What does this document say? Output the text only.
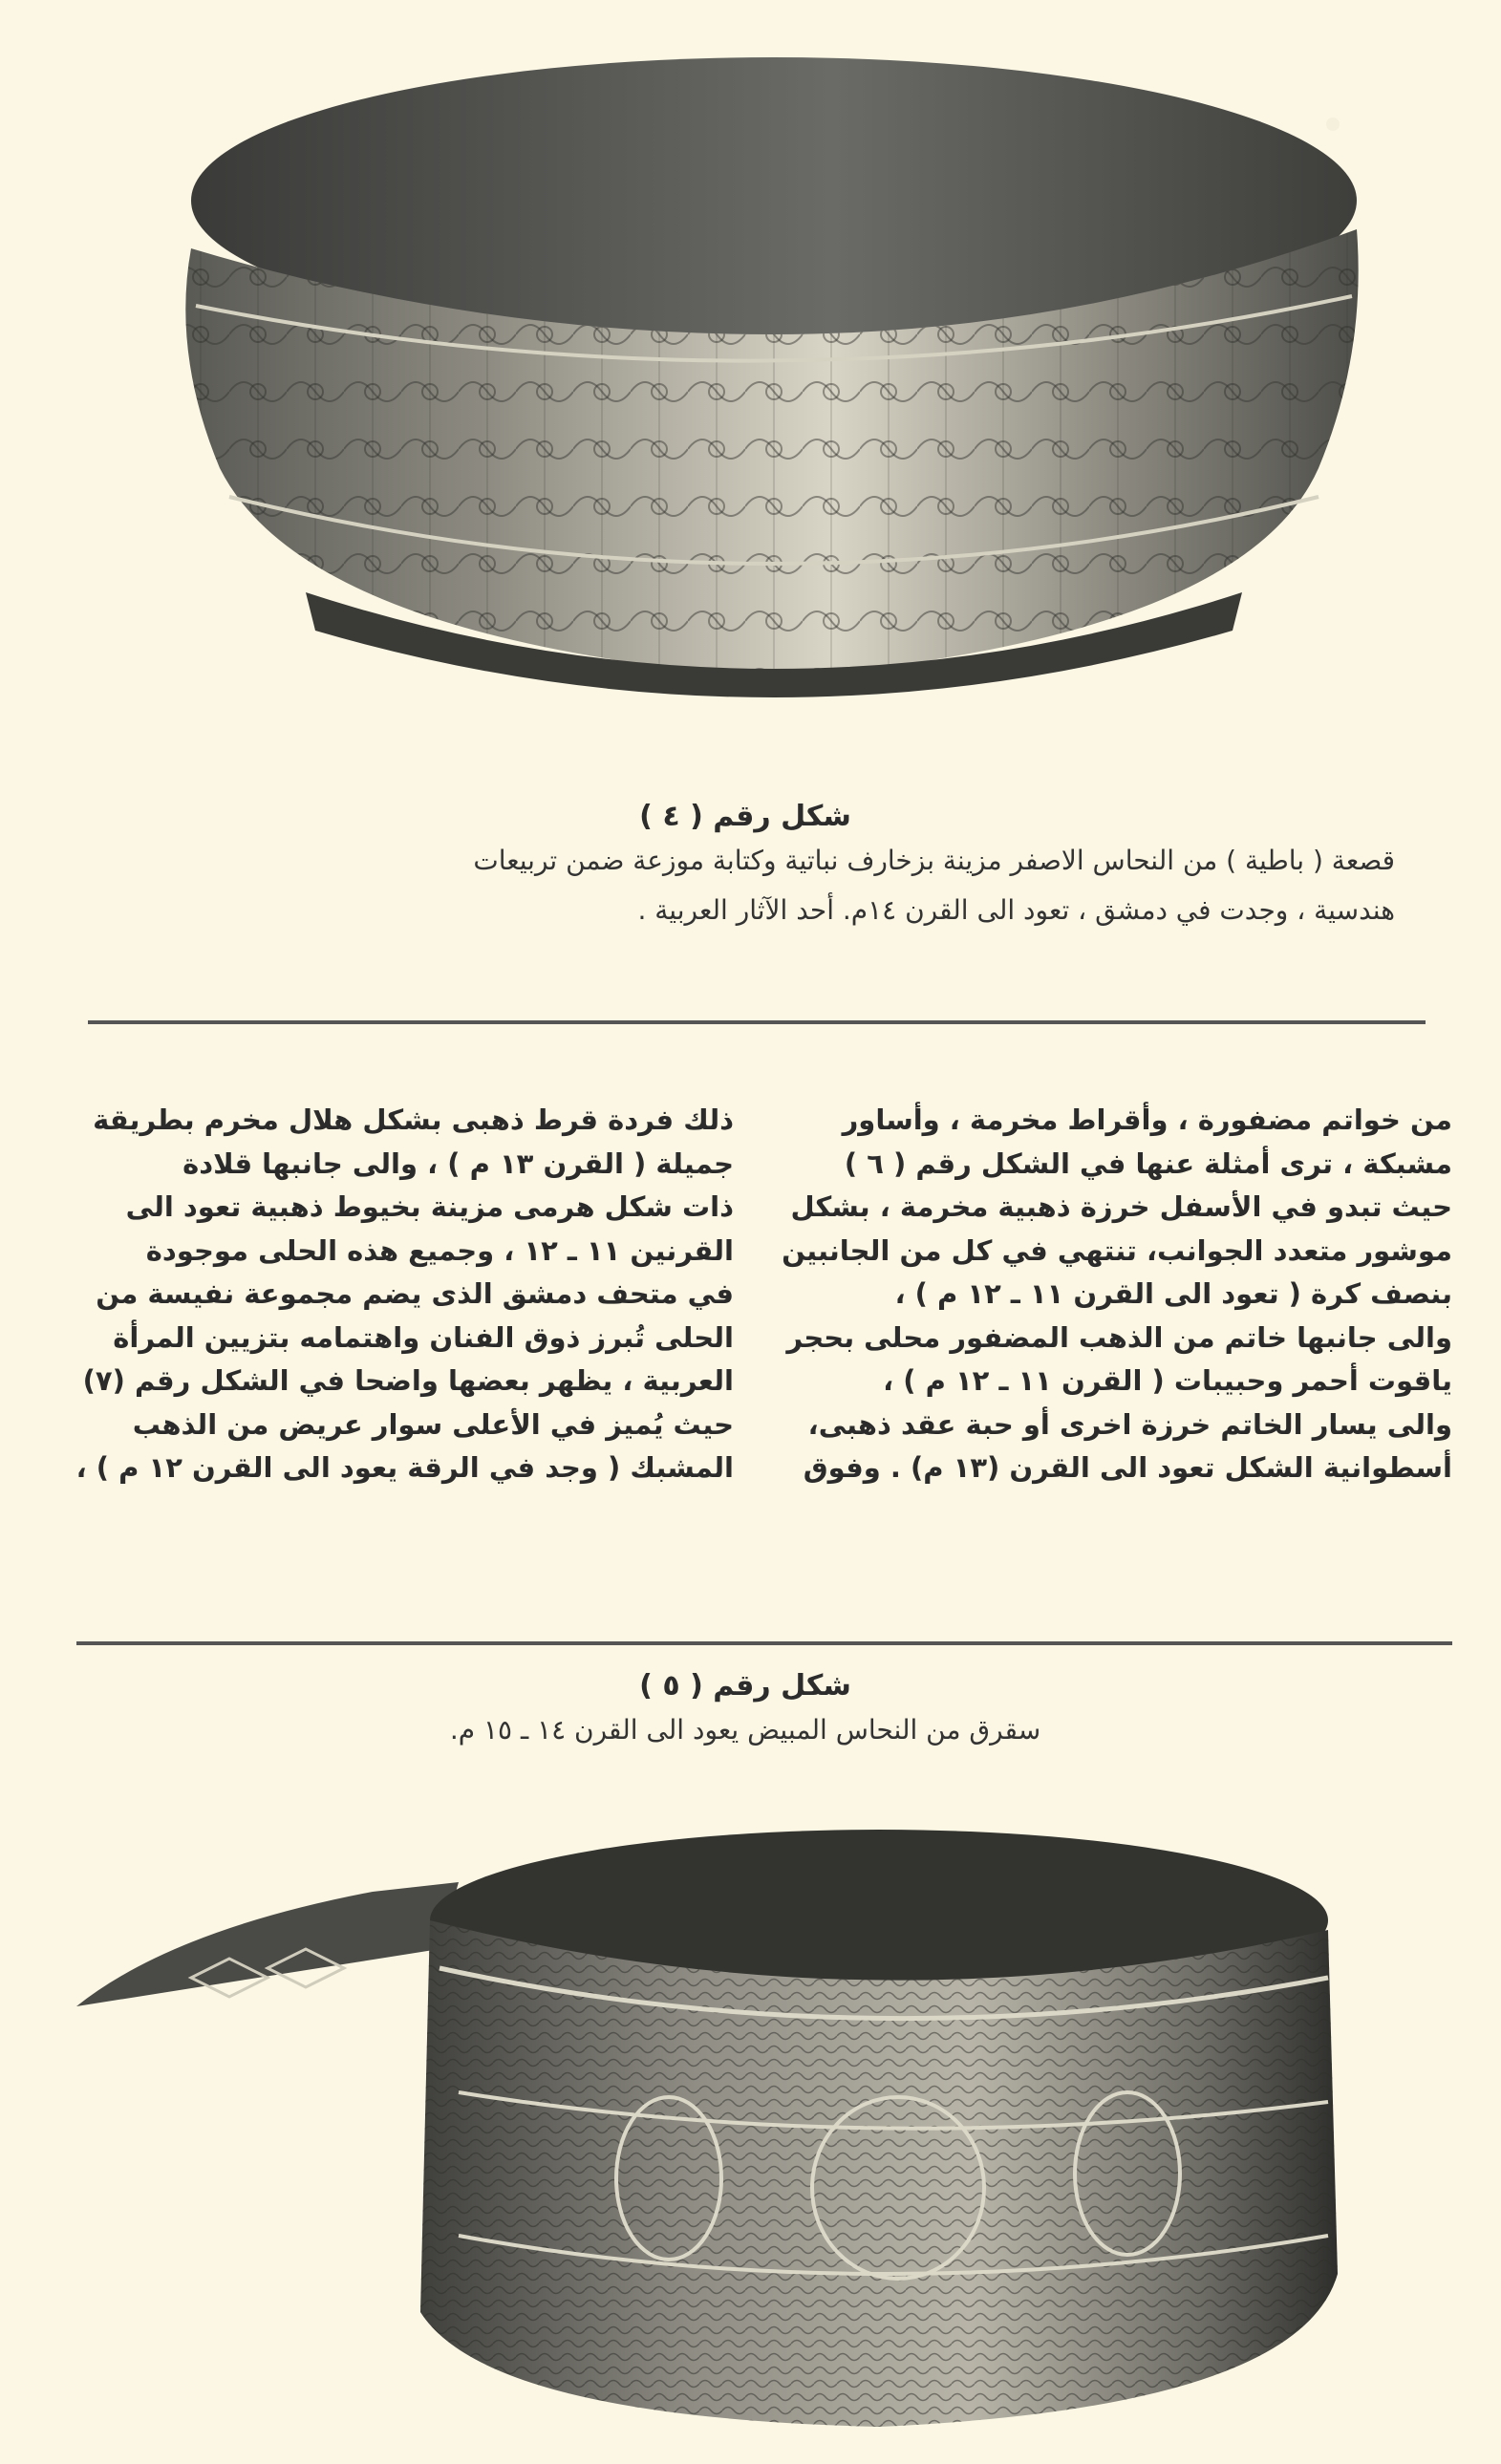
شكل رقم ( ٤ )
قصعة ( باطية ) من النحاس الاصفر مزينة بزخارف نباتية وكتابة موزعة ضمن تربيعات
هندسية ، وجدت في دمشق ، تعود الى القرن ١٤م. أحد الآثار العربية .
من خواتم مضفورة ، وأقراط مخرمة ، وأساور
مشبكة ، ترى أمثلة عنها في الشكل رقم ( ٦ )
حيث تبدو في الأسفل خرزة ذهبية مخرمة ، بشكل
موشور متعدد الجوانب، تنتهي في كل من الجانبين
بنصف كرة ( تعود الى القرن ١١ ـ ١٢ م ) ،
والى جانبها خاتم من الذهب المضفور محلى بحجر
ياقوت أحمر وحبيبات ( القرن ١١ ـ ١٢ م ) ،
والى يسار الخاتم خرزة اخرى أو حبة عقد ذهبى،
أسطوانية الشكل تعود الى القرن (١٣ م) . وفوق
ذلك فردة قرط ذهبى بشكل هلال مخرم بطريقة
جميلة ( القرن ١٣ م ) ، والى جانبها قلادة
ذات شكل هرمى مزينة بخيوط ذهبية تعود الى
القرنين ١١ ـ ١٢ ، وجميع هذه الحلى موجودة
في متحف دمشق الذى يضم مجموعة نفيسة من
الحلى تُبرز ذوق الفنان واهتمامه بتزيين المرأة
العربية ، يظهر بعضها واضحا في الشكل رقم (٧)
حيث يُميز في الأعلى سوار عريض من الذهب
المشبك ( وجد في الرقة يعود الى القرن ١٢ م ) ،
شكل رقم ( ٥ )
سقرق من النحاس المبيض يعود الى القرن ١٤ ـ ١٥ م.
